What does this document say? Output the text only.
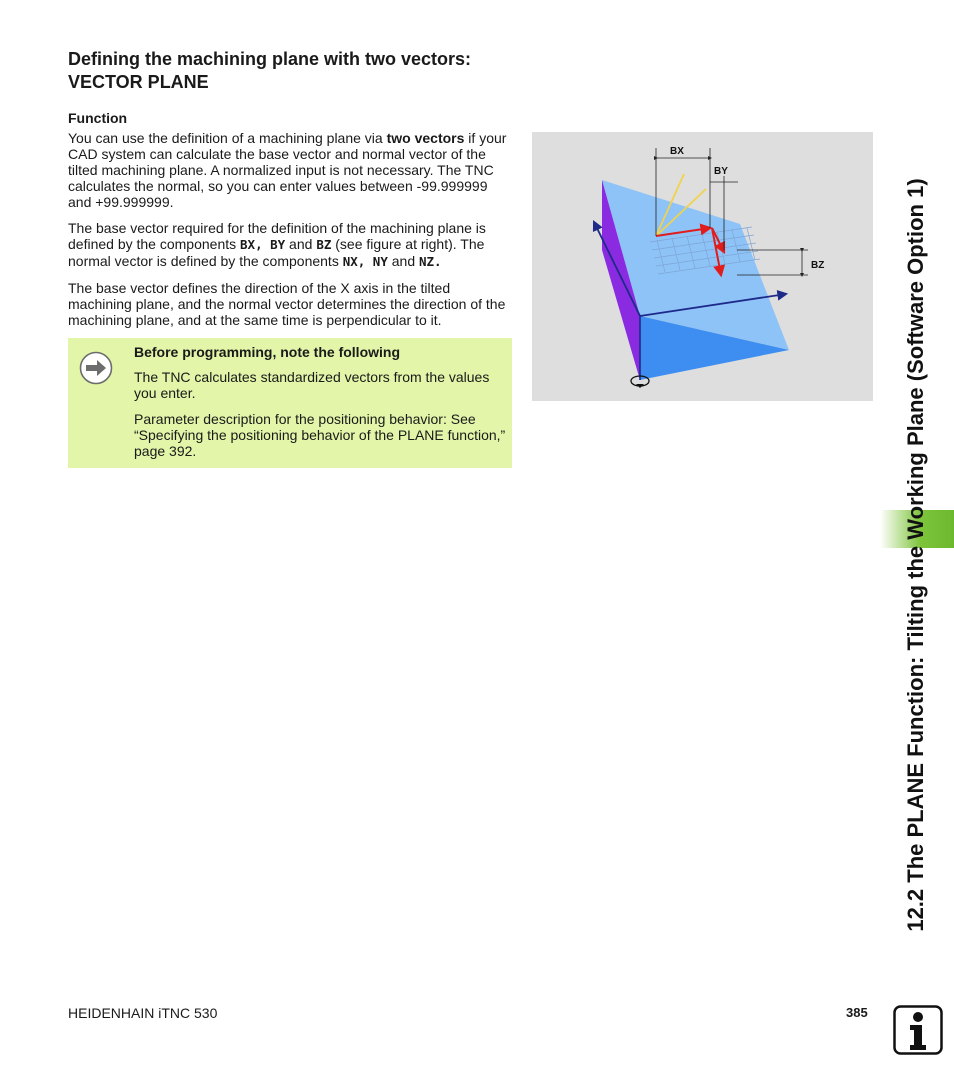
Defining the machining plane with two vectors:
VECTOR PLANE
Function

You can use the definition of a machining plane via two vectors if your CAD system can calculate the base vector and normal vector of the tilted machining plane. A normalized input is not necessary. The TNC calculates the normal, so you can enter values between -99.999999 and +99.999999.

The base vector required for the definition of the machining plane is defined by the components BX, BY and BZ (see figure at right). The normal vector is defined by the components NX, NY and NZ.

The base vector defines the direction of the X axis in the tilted machining plane, and the normal vector determines the direction of the machining plane, and at the same time is perpendicular to it.

Before programming, note the following

The TNC calculates standardized vectors from the values you enter.

Parameter description for the positioning behavior: See “Specifying the positioning behavior of the PLANE function,” page 392.

BX
BY
BZ	12.2 The PLANE Function: Tilting the Working Plane (Software Option 1)
HEIDENHAIN iTNC 530	385
